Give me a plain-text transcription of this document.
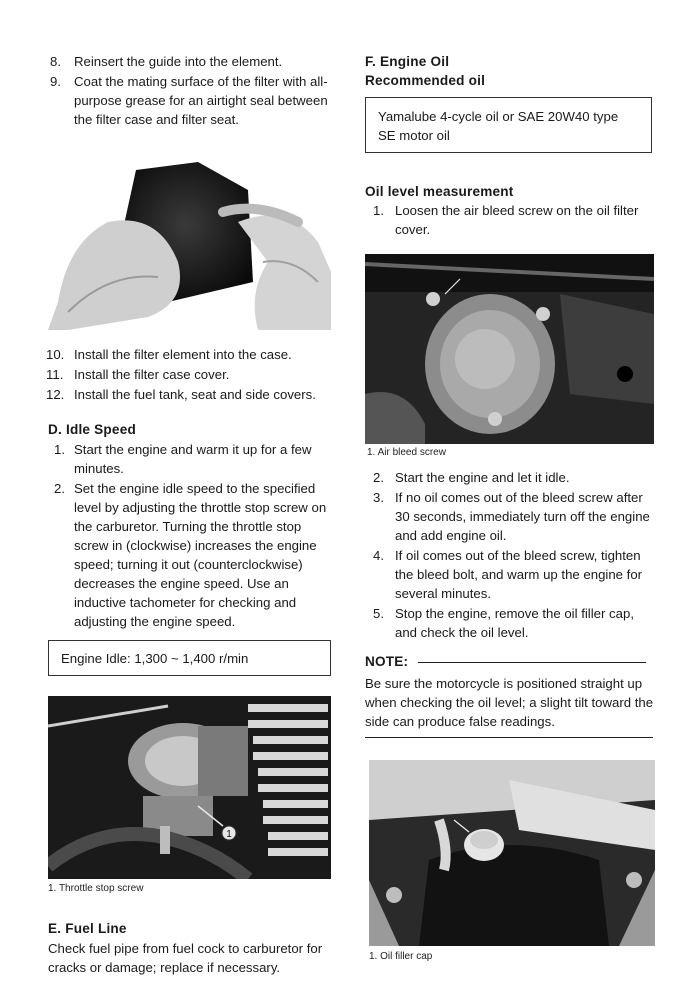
8. Reinsert the guide into the element.
9. Coat the mating surface of the filter with all-purpose grease for an airtight seal between the filter case and filter seat.
10. Install the filter element into the case.
11. Install the filter case cover.
12. Install the fuel tank, seat and side covers.
D. Idle Speed
1. Start the engine and warm it up for a few minutes.
2. Set the engine idle speed to the specified level by adjusting the throttle stop screw on the carburetor. Turning the throttle stop screw in (clockwise) increases the engine speed; turning it out (counterclockwise) decreases the engine speed. Use an inductive tachometer for checking and adjusting the engine speed.
Engine Idle: 1,300 ~ 1,400 r/min
1
1. Throttle stop screw
E. Fuel Line
Check fuel pipe from fuel cock to carburetor for cracks or damage; replace if necessary.
F. Engine Oil
Recommended oil
Yamalube 4-cycle oil or SAE 20W40 type SE motor oil
Oil level measurement
1. Loosen the air bleed screw on the oil filter cover.
1. Air bleed screw
2. Start the engine and let it idle.
3. If no oil comes out of the bleed screw after 30 seconds, immediately turn off the engine and add engine oil.
4. If oil comes out of the bleed screw, tighten the bleed bolt, and warm up the engine for several minutes.
5. Stop the engine, remove the oil filler cap, and check the oil level.
NOTE:
Be sure the motorcycle is positioned straight up when checking the oil level; a slight tilt toward the side can produce false readings.
1. Oil filler cap
